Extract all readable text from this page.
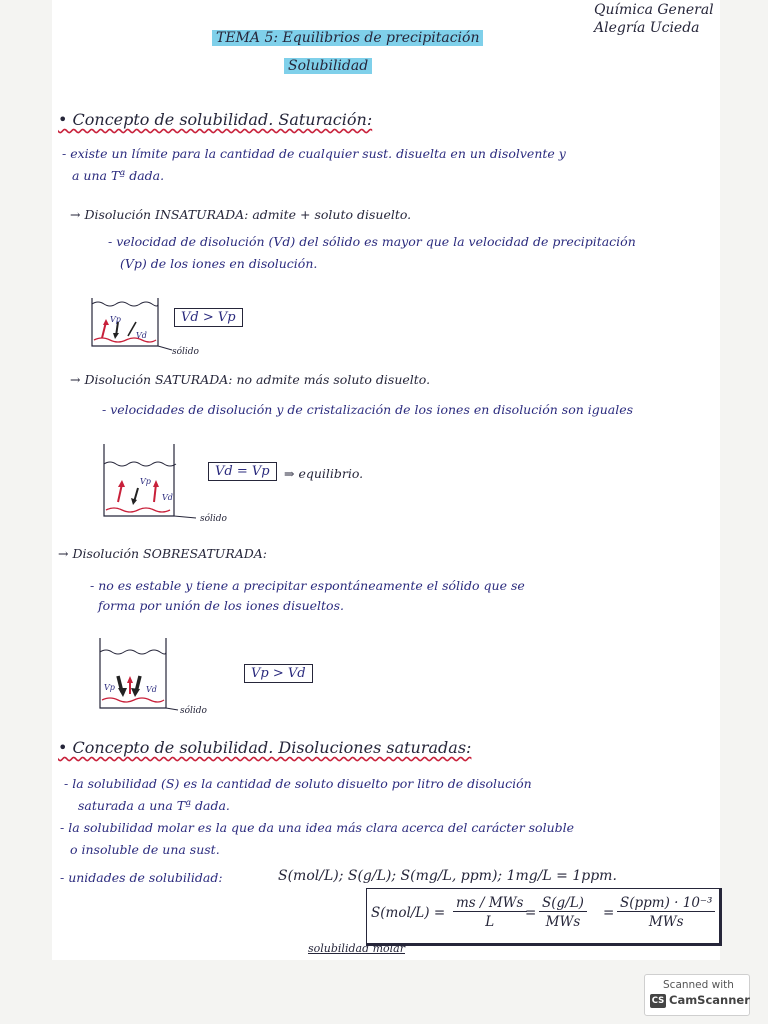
Química General
Alegría Ucieda
TEMA 5: Equilibrios de precipitación
Solubilidad
• Concepto de solubilidad. Saturación:
- existe un límite para la cantidad de cualquier sust. disuelta en un disolvente y
a una Tª dada.
→ Disolución INSATURADA: admite + soluto disuelto.
- velocidad de disolución (Vd) del sólido es mayor que la velocidad de precipitación
(Vp) de los iones en disolución.
Vp
Vd
sólido
Vd > Vp
→ Disolución SATURADA: no admite más soluto disuelto.
- velocidades de disolución y de cristalización de los iones en disolución son iguales
Vp
Vd
sólido
Vd = Vp	⇒ equilibrio.
→ Disolución SOBRESATURADA:
- no es estable y tiene a precipitar espontáneamente el sólido que se
forma por unión de los iones disueltos.
Vp	Vd
sólido
Vp > Vd
• Concepto de solubilidad. Disoluciones saturadas:
- la solubilidad (S) es la cantidad de soluto disuelto por litro de disolución
saturada a una Tª dada.
- la solubilidad molar es la que da una idea más clara acerca del carácter soluble
o insoluble de una sust.
- unidades de solubilidad:	S(mol/L); S(g/L); S(mg/L, ppm); 1mg/L = 1ppm.
S(mol/L) =
ms / MWs
L
=
S(g/L)
MWs
=
S(ppm) · 10⁻³
MWs
solubilidad molar
Scanned with
CS CamScanner
